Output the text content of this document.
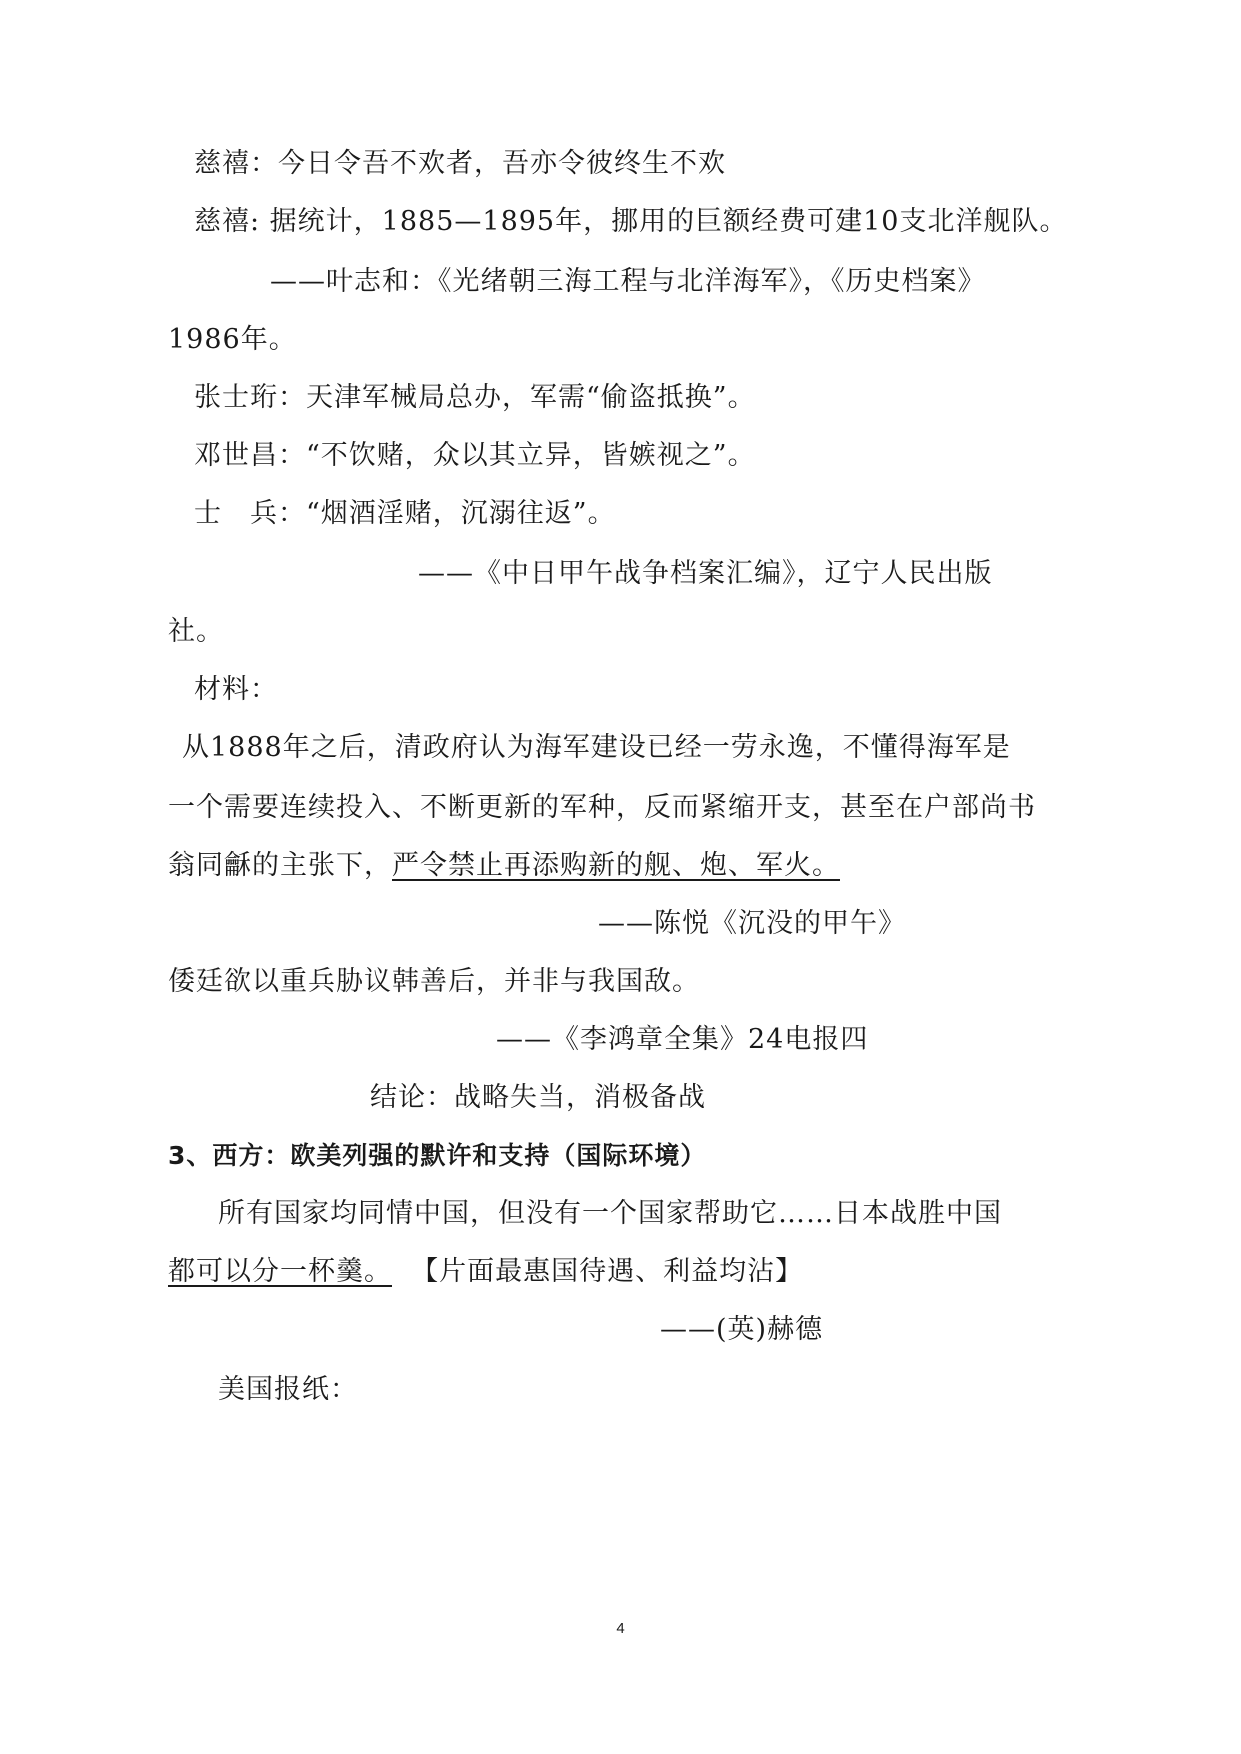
慈禧：今日令吾不欢者，吾亦令彼终生不欢
慈禧: 据统计，1885—1895年，挪用的巨额经费可建10支北洋舰队。
——叶志和：《光绪朝三海工程与北洋海军》，《历史档案》
1986年。
张士珩：天津军械局总办，军需“偷盗抵换”。
邓世昌：“不饮赌，众以其立异，皆嫉视之”。
士　兵：“烟酒淫赌，沉溺往返”。
——《中日甲午战争档案汇编》，辽宁人民出版
社。
材料：
从1888年之后，清政府认为海军建设已经一劳永逸，不懂得海军是
一个需要连续投入、不断更新的军种，反而紧缩开支，甚至在户部尚书
翁同龢的主张下，严令禁止再添购新的舰、炮、军火。
——陈悦《沉没的甲午》
倭廷欲以重兵胁议韩善后，并非与我国敌。
——《李鸿章全集》24电报四
结论：战略失当，消极备战
3、西方：欧美列强的默许和支持（国际环境）
所有国家均同情中国，但没有一个国家帮助它……日本战胜中国
都可以分一杯羹。 【片面最惠国待遇、利益均沾】
——(英)赫德
美国报纸：
4
